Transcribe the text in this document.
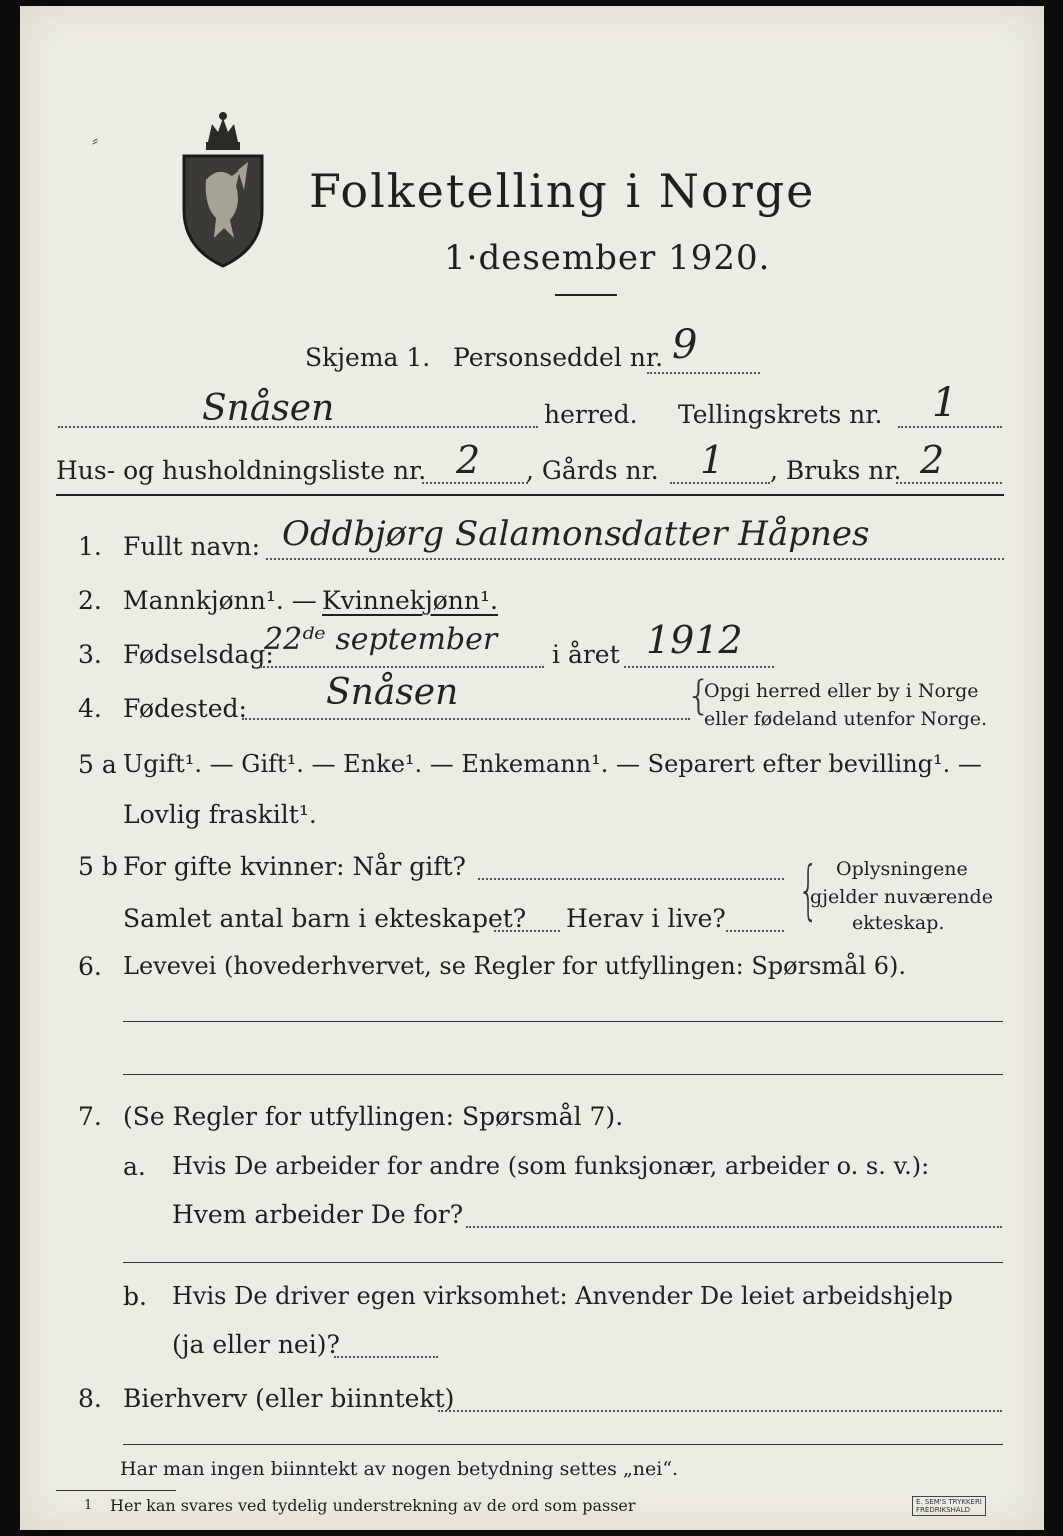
⸗
Folketelling i Norge
1·desember 1920.
Skjema 1. Personseddel nr. 9
Snåsen	herred. Tellingskrets nr. 1
Hus- og husholdningsliste nr. 2 , Gårds nr. 1 , Bruks nr. 2
1. Fullt navn: Oddbjørg Salamonsdatter Håpnes
2. Mannkjønn¹. — Kvinnekjønn¹.
3. Fødselsdag:
22ᵈᵉ september i året 1912
4. Fødested: Snåsen	{
Opgi herred eller by i Norge
eller fødeland utenfor Norge.
5 a Ugift¹. — Gift¹. — Enke¹. — Enkemann¹. — Separert efter bevilling¹. —
Lovlig fraskilt¹.
5 b For gifte kvinner: Når gift?
Samlet antal barn i ekteskapet? Herav i live? { Oplysningene
gjelder nuværende
ekteskap.
6. Levevei (hovederhvervet, se Regler for utfyllingen: Spørsmål 6).
7. (Se Regler for utfyllingen: Spørsmål 7).
a. Hvis De arbeider for andre (som funksjonær, arbeider o. s. v.):
Hvem arbeider De for?
b. Hvis De driver egen virksomhet: Anvender De leiet arbeidshjelp
(ja eller nei)?
8. Bierhverv (eller biinntekt)
Har man ingen biinntekt av nogen betydning settes „nei“.
1 Her kan svares ved tydelig understrekning av de ord som passer	E. SEM'S TRYKKERI
FREDRIKSHALD
